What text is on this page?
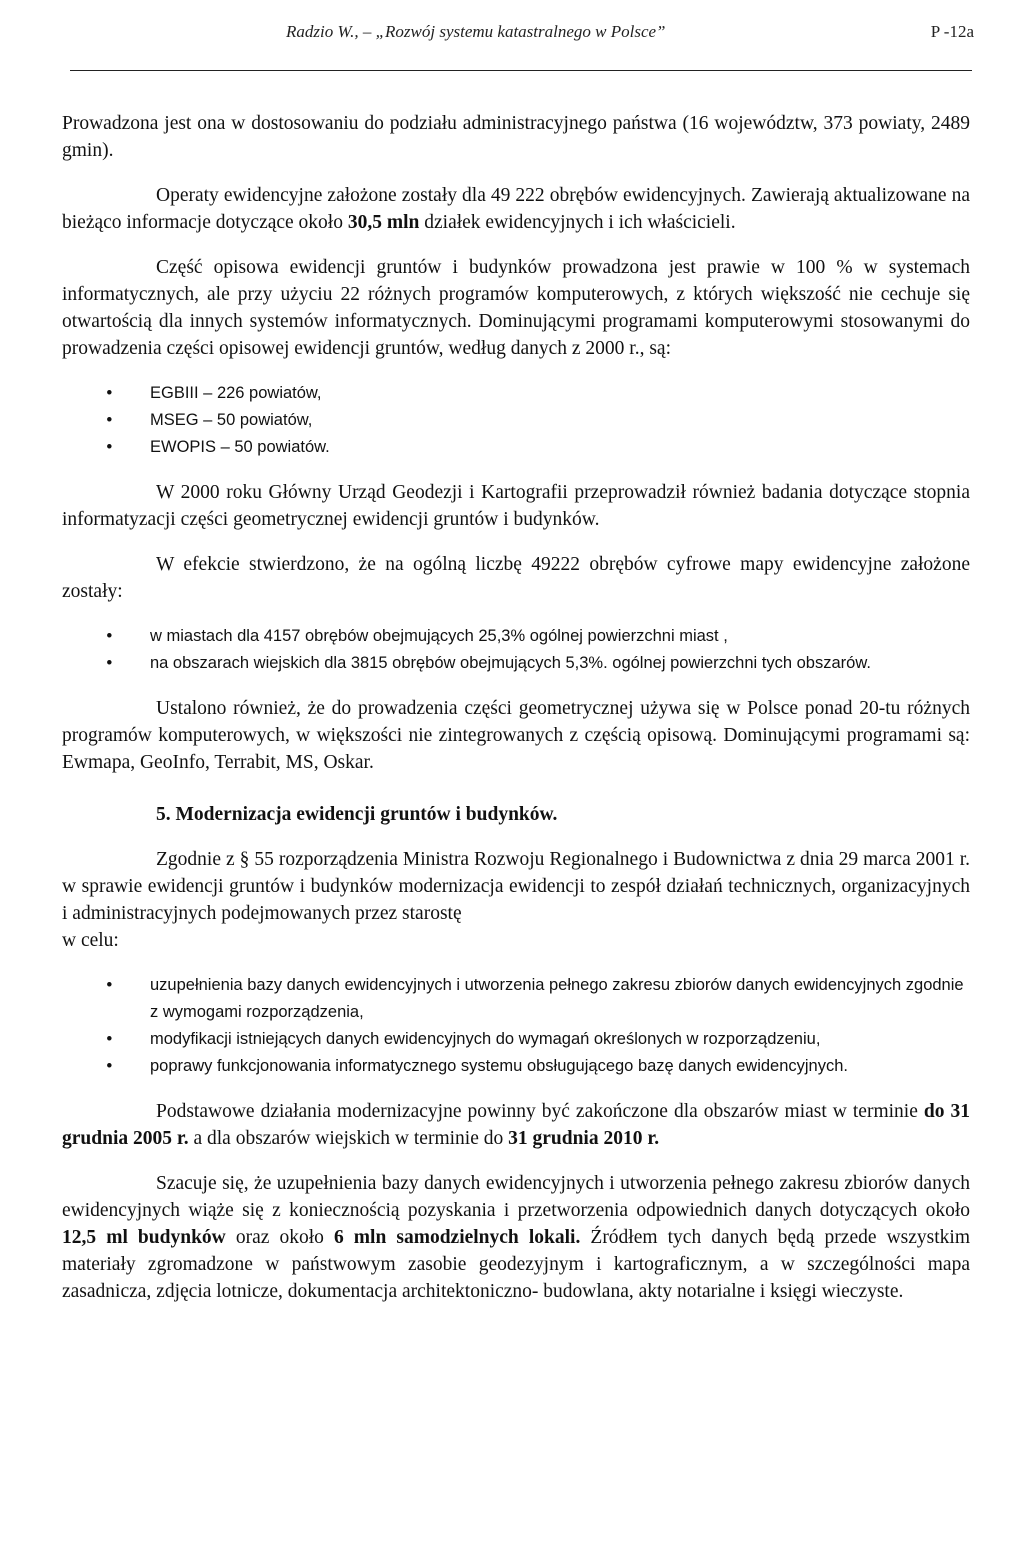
Radzio W., – „Rozwój systemu katastralnego w Polsce”	P -12a

Prowadzona jest ona w dostosowaniu do podziału administracyjnego państwa (16 województw, 373 powiaty, 2489 gmin).

Operaty ewidencyjne założone zostały dla 49 222 obrębów ewidencyjnych. Zawierają aktualizowane na bieżąco informacje dotyczące około 30,5 mln działek ewidencyjnych i ich właścicieli.

Część opisowa ewidencji gruntów i budynków prowadzona jest prawie w 100 % w systemach informatycznych, ale przy użyciu 22 różnych programów komputerowych, z których większość nie cechuje się otwartością dla innych systemów informatycznych. Dominującymi programami komputerowymi stosowanymi do prowadzenia części opisowej ewidencji gruntów, według danych z 2000 r., są:

• EGBIII – 226 powiatów,
• MSEG – 50 powiatów,
• EWOPIS – 50 powiatów.

W 2000 roku Główny Urząd Geodezji i Kartografii przeprowadził również badania dotyczące stopnia informatyzacji części geometrycznej ewidencji gruntów i budynków.

W efekcie stwierdzono, że na ogólną liczbę 49222 obrębów cyfrowe mapy ewidencyjne założone zostały:

• w miastach dla 4157 obrębów obejmujących 25,3% ogólnej powierzchni miast ,
• na obszarach wiejskich dla 3815 obrębów obejmujących 5,3%. ogólnej powierzchni tych obszarów.

Ustalono również, że do prowadzenia części geometrycznej używa się w Polsce ponad 20-tu różnych programów komputerowych, w większości nie zintegrowanych z częścią opisową. Dominującymi programami są: Ewmapa, GeoInfo, Terrabit, MS, Oskar.

5. Modernizacja ewidencji gruntów i budynków.

Zgodnie z § 55 rozporządzenia Ministra Rozwoju Regionalnego i Budownictwa z dnia 29 marca 2001 r. w sprawie ewidencji gruntów i budynków modernizacja ewidencji to zespół działań technicznych, organizacyjnych i administracyjnych podejmowanych przez starostę

w celu:

• uzupełnienia bazy danych ewidencyjnych i utworzenia pełnego zakresu zbiorów danych ewidencyjnych zgodnie z wymogami rozporządzenia,
• modyfikacji istniejących danych ewidencyjnych do wymagań określonych w rozporządzeniu,
• poprawy funkcjonowania informatycznego systemu obsługującego bazę danych ewidencyjnych.

Podstawowe działania modernizacyjne powinny być zakończone dla obszarów miast w terminie do 31 grudnia 2005 r. a dla obszarów wiejskich w terminie do 31 grudnia 2010 r.

Szacuje się, że uzupełnienia bazy danych ewidencyjnych i utworzenia pełnego zakresu zbiorów danych ewidencyjnych wiąże się z koniecznością pozyskania i przetworzenia odpowiednich danych dotyczących około 12,5 ml budynków oraz około 6 mln samodzielnych lokali. Źródłem tych danych będą przede wszystkim materiały zgromadzone w państwowym zasobie geodezyjnym i kartograficznym, a w szczególności mapa zasadnicza, zdjęcia lotnicze, dokumentacja architektoniczno- budowlana, akty notarialne i księgi wieczyste.
